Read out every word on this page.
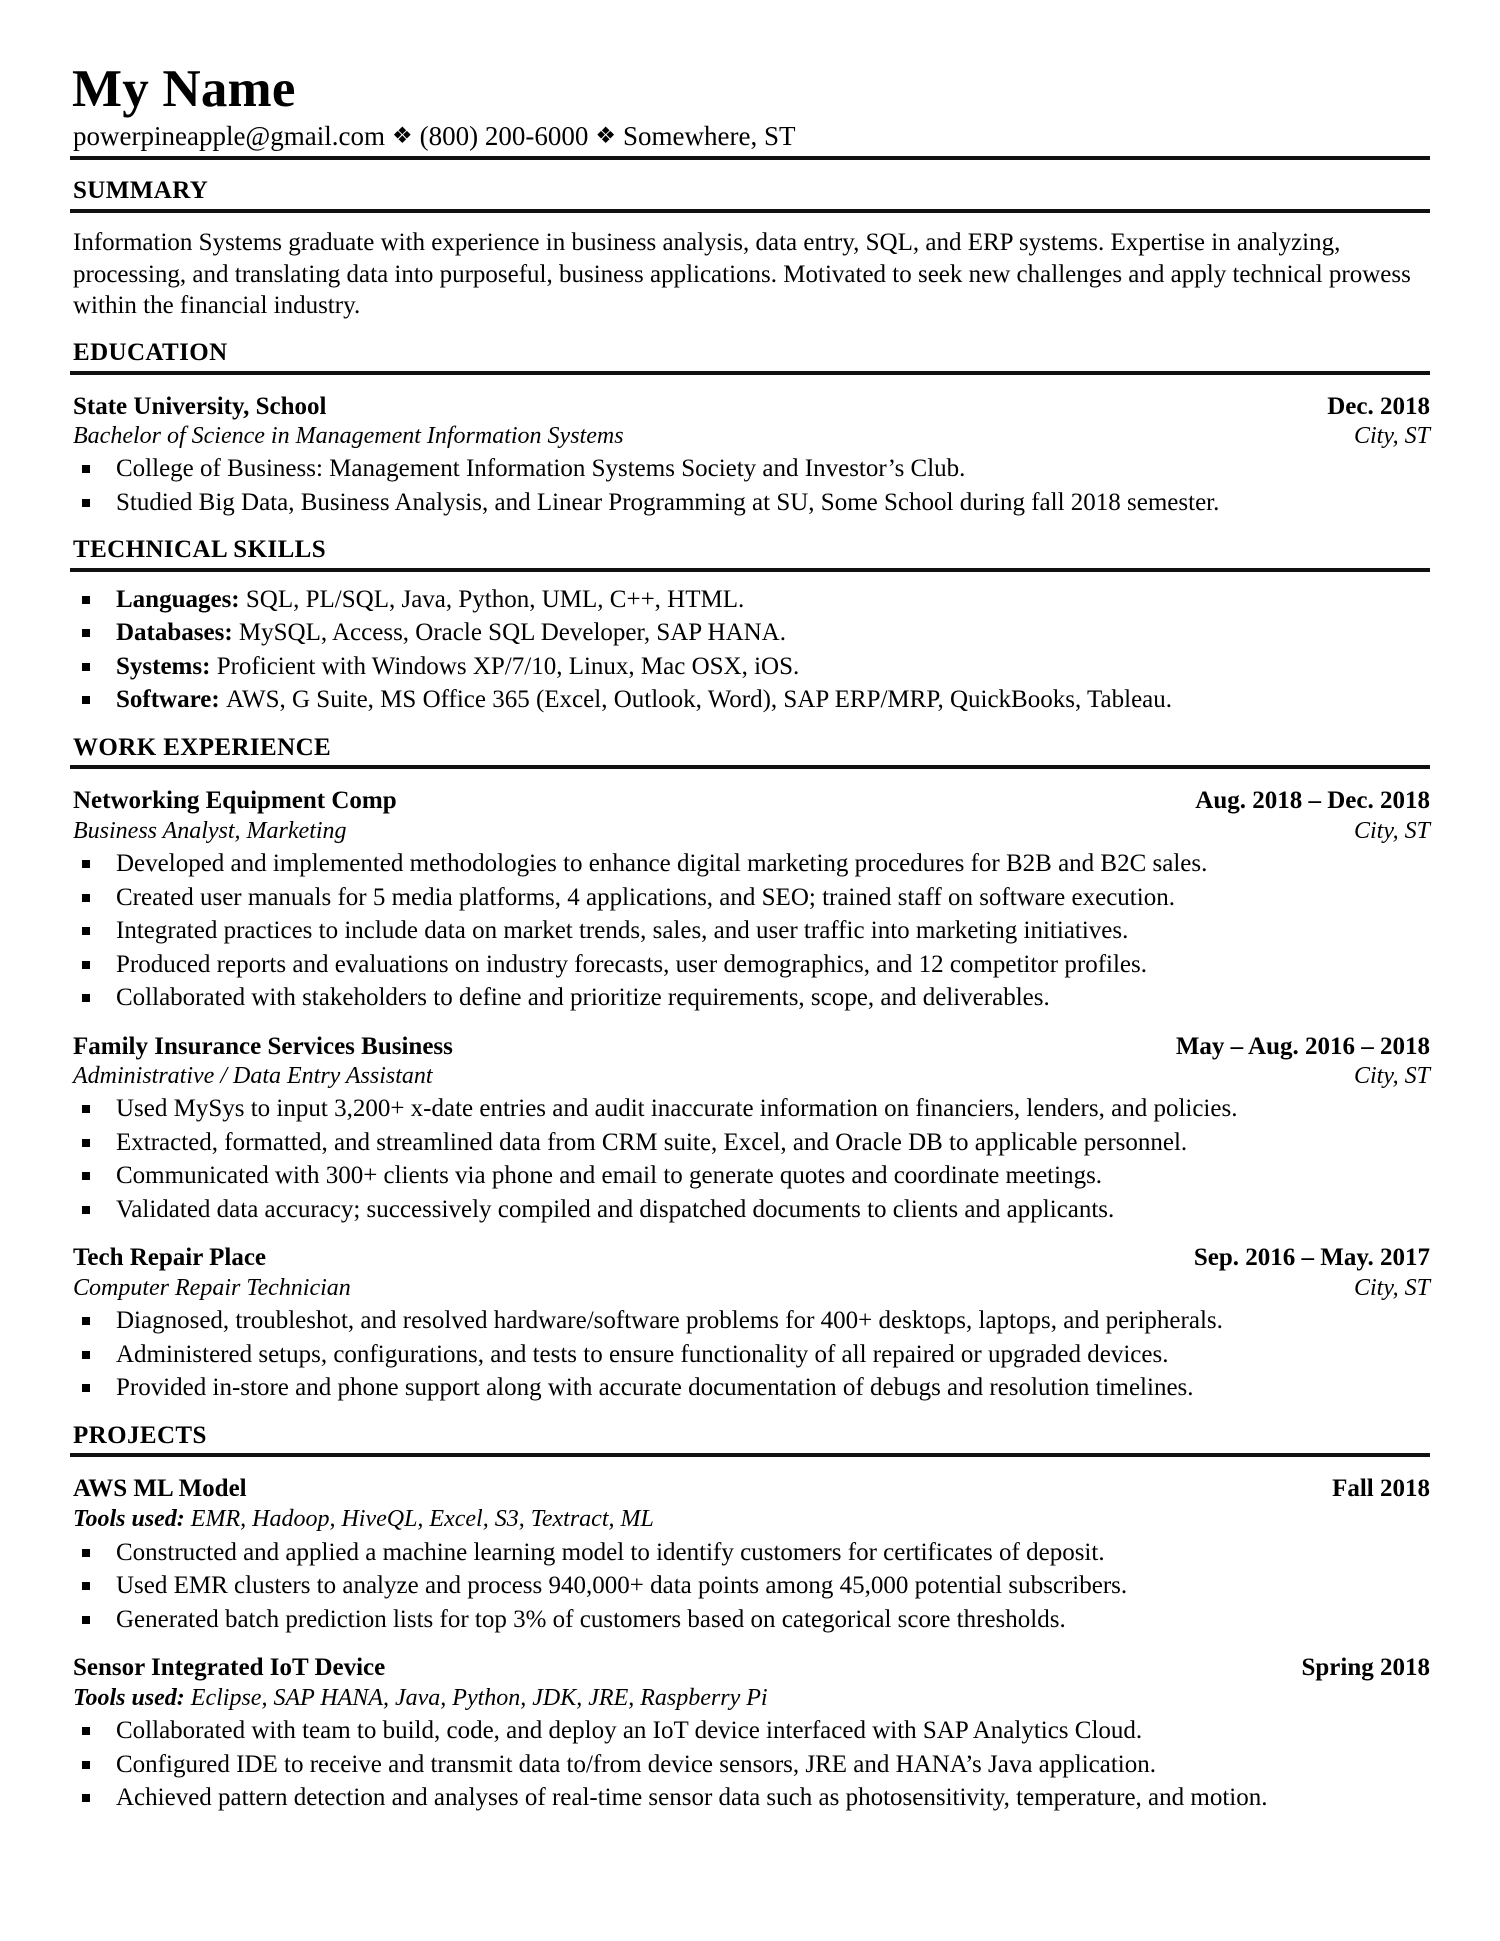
My Name
powerpineapple@gmail.com ❖ (800) 200-6000 ❖ Somewhere, ST
SUMMARY

Information Systems graduate with experience in business analysis, data entry, SQL, and ERP systems. Expertise in analyzing, processing, and translating data into purposeful, business applications. Motivated to seek new challenges and apply technical prowess within the financial industry.

EDUCATION
State University, School	Dec. 2018
Bachelor of Science in Management Information Systems	City, ST
College of Business: Management Information Systems Society and Investor’s Club.
Studied Big Data, Business Analysis, and Linear Programming at SU, Some School during fall 2018 semester.
TECHNICAL SKILLS
Languages: SQL, PL/SQL, Java, Python, UML, C++, HTML.
Databases: MySQL, Access, Oracle SQL Developer, SAP HANA.
Systems: Proficient with Windows XP/7/10, Linux, Mac OSX, iOS.
Software: AWS, G Suite, MS Office 365 (Excel, Outlook, Word), SAP ERP/MRP, QuickBooks, Tableau.
WORK EXPERIENCE
Networking Equipment Comp	Aug. 2018 – Dec. 2018
Business Analyst, Marketing	City, ST
Developed and implemented methodologies to enhance digital marketing procedures for B2B and B2C sales.
Created user manuals for 5 media platforms, 4 applications, and SEO; trained staff on software execution.
Integrated practices to include data on market trends, sales, and user traffic into marketing initiatives.
Produced reports and evaluations on industry forecasts, user demographics, and 12 competitor profiles.
Collaborated with stakeholders to define and prioritize requirements, scope, and deliverables.
Family Insurance Services Business	May – Aug. 2016 – 2018
Administrative / Data Entry Assistant	City, ST
Used MySys to input 3,200+ x-date entries and audit inaccurate information on financiers, lenders, and policies.
Extracted, formatted, and streamlined data from CRM suite, Excel, and Oracle DB to applicable personnel.
Communicated with 300+ clients via phone and email to generate quotes and coordinate meetings.
Validated data accuracy; successively compiled and dispatched documents to clients and applicants.
Tech Repair Place	Sep. 2016 – May. 2017
Computer Repair Technician	City, ST
Diagnosed, troubleshot, and resolved hardware/software problems for 400+ desktops, laptops, and peripherals.
Administered setups, configurations, and tests to ensure functionality of all repaired or upgraded devices.
Provided in-store and phone support along with accurate documentation of debugs and resolution timelines.
PROJECTS
AWS ML Model	Fall 2018
Tools used: EMR, Hadoop, HiveQL, Excel, S3, Textract, ML
Constructed and applied a machine learning model to identify customers for certificates of deposit.
Used EMR clusters to analyze and process 940,000+ data points among 45,000 potential subscribers.
Generated batch prediction lists for top 3% of customers based on categorical score thresholds.
Sensor Integrated IoT Device	Spring 2018
Tools used: Eclipse, SAP HANA, Java, Python, JDK, JRE, Raspberry Pi
Collaborated with team to build, code, and deploy an IoT device interfaced with SAP Analytics Cloud.
Configured IDE to receive and transmit data to/from device sensors, JRE and HANA’s Java application.
Achieved pattern detection and analyses of real-time sensor data such as photosensitivity, temperature, and motion.
